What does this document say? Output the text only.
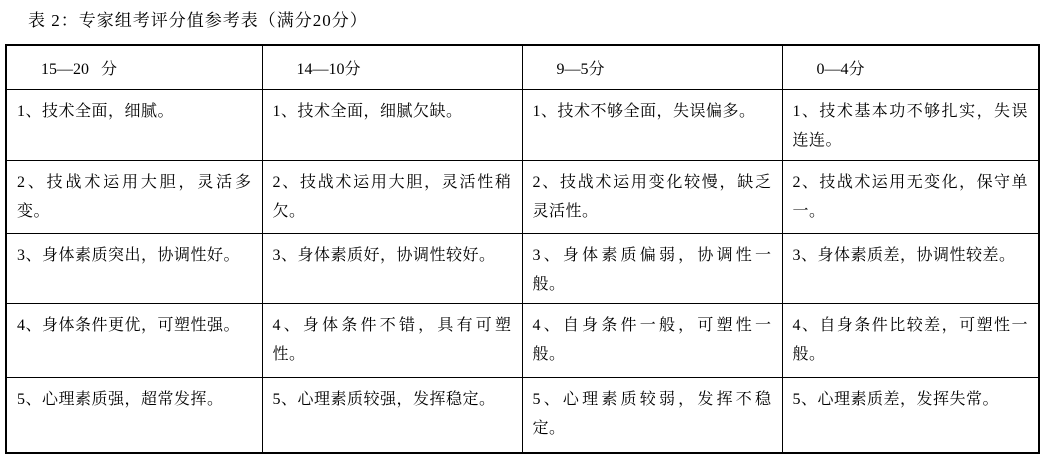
表 2：专家组考评分值参考表（满分20分）
15—20   分	14—10分	9—5分	0—4分
1、技术全面，细腻。	1、技术全面，细腻欠缺。	1、技术不够全面，失误偏多。	1、技术基本功不够扎实，失误连连。
2、技战术运用大胆，灵活多变。	2、技战术运用大胆，灵活性稍欠。	2、技战术运用变化较慢，缺乏灵活性。	2、技战术运用无变化，保守单一。
3、身体素质突出，协调性好。	3、身体素质好，协调性较好。	3、身体素质偏弱，协调性一般。	3、身体素质差，协调性较差。
4、身体条件更优，可塑性强。	4、身体条件不错，具有可塑性。	4、自身条件一般，可塑性一般。	4、自身条件比较差，可塑性一般。
5、心理素质强，超常发挥。	5、心理素质较强，发挥稳定。	5、心理素质较弱，发挥不稳定。	5、心理素质差，发挥失常。
